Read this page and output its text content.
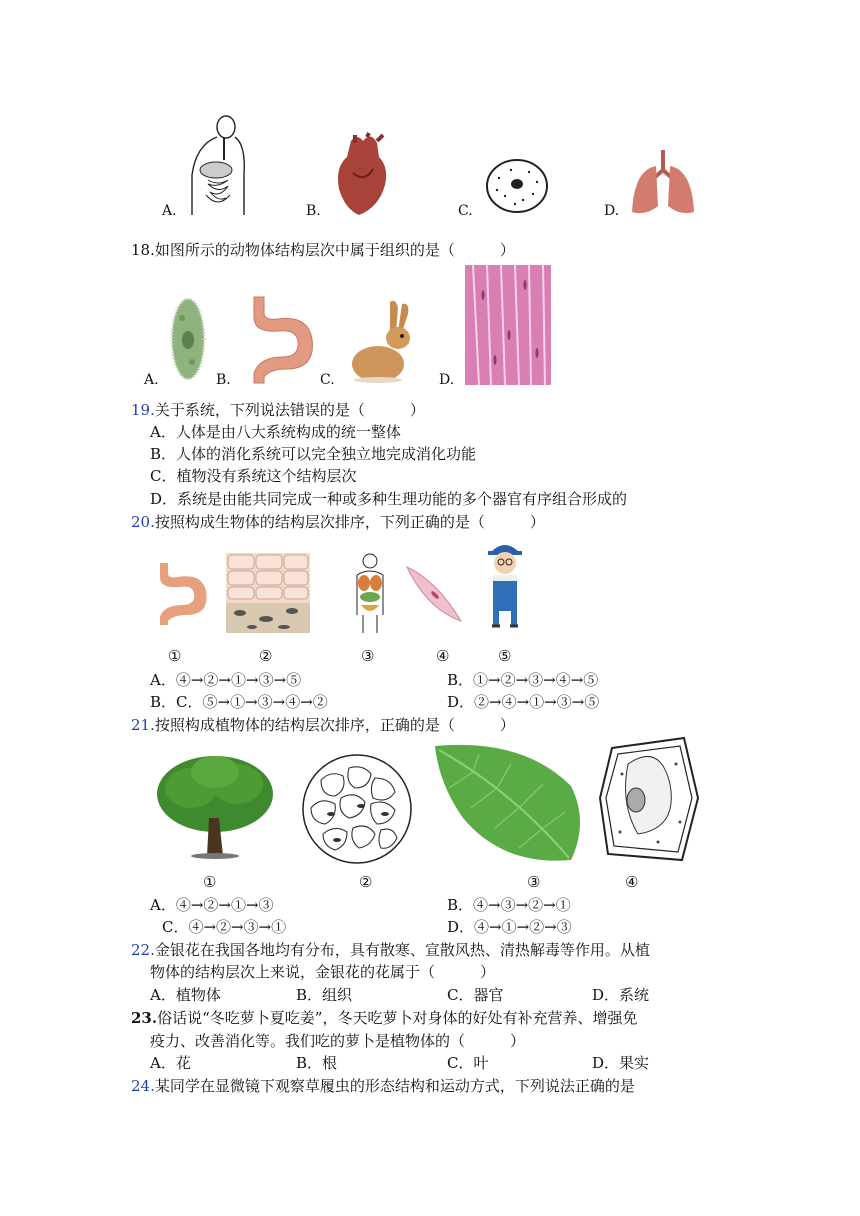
A.	B.	C.	D.
18.如图所示的动物体结构层次中属于组织的是（　　　）
A.	B.	C.	D.
19.关于系统，下列说法错误的是（　　　）
A．人体是由八大系统构成的统一整体
B．人体的消化系统可以完全独立地完成消化功能
C．植物没有系统这个结构层次
D．系统是由能共同完成一种或多种生理功能的多个器官有序组合形成的
20.按照构成生物体的结构层次排序，下列正确的是（　　　）
①	②	③	④	⑤
A．④→②→①→③→⑤	B．①→②→③→④→⑤
B．C．⑤→①→③→④→②	D．②→④→①→③→⑤
21.按照构成植物体的结构层次排序，正确的是（　　　）
①	②	③	④
A．④→②→①→③	B．④→③→②→①
C．④→②→③→①	D．④→①→②→③
22.金银花在我国各地均有分布，具有散寒、宣散风热、清热解毒等作用。从植
物体的结构层次上来说，金银花的花属于（　　　）
A．植物体	B．组织	C．器官	D．系统
23.俗话说“冬吃萝卜夏吃姜”，冬天吃萝卜对身体的好处有补充营养、增强免
疫力、改善消化等。我们吃的萝卜是植物体的（　　　）
A．花	B．根	C．叶	D．果实
24.某同学在显微镜下观察草履虫的形态结构和运动方式，下列说法正确的是
